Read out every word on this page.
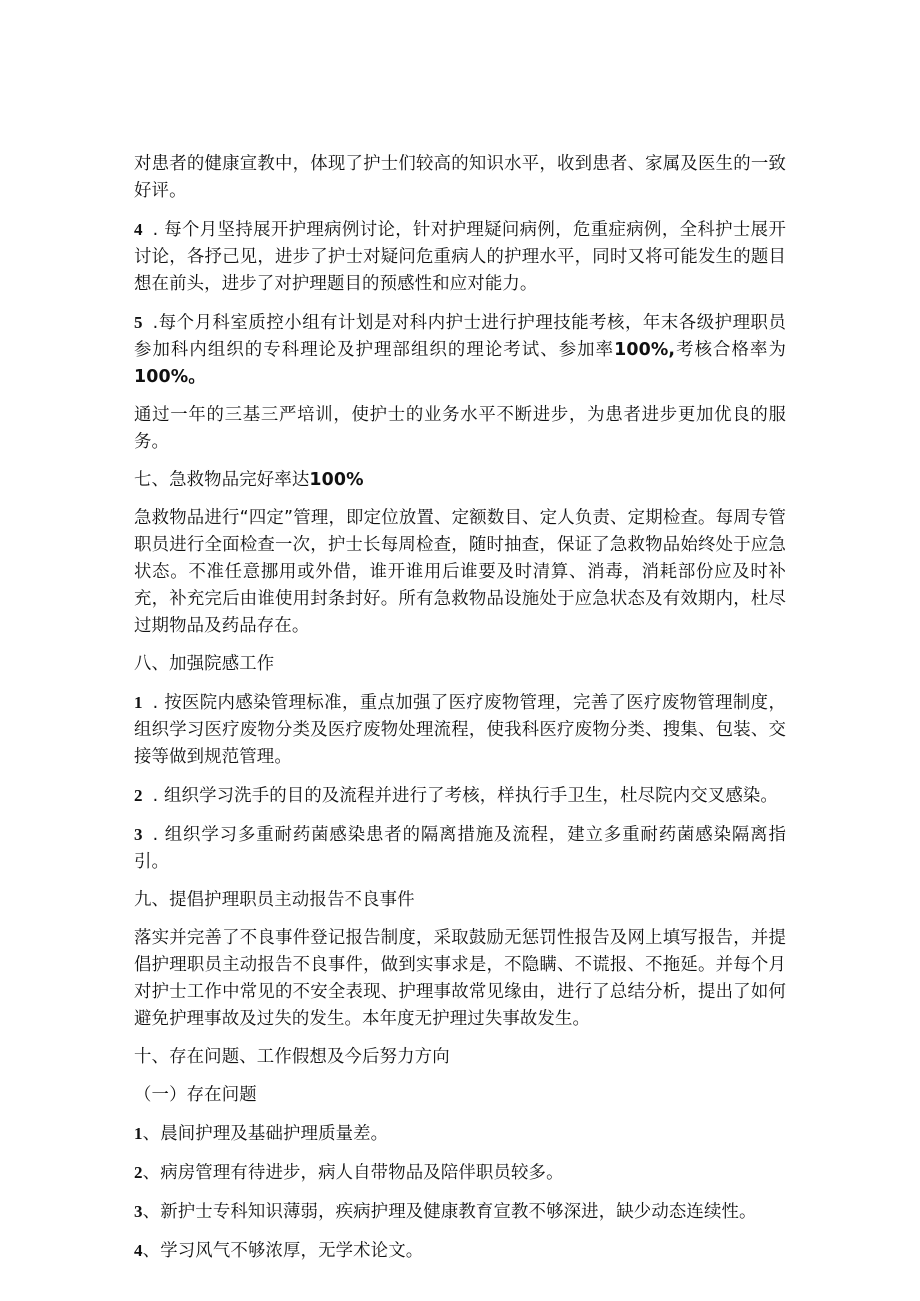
对患者的健康宣教中，体现了护士们较高的知识水平，收到患者、家属及医生的一致好评。

4 . 每个月坚持展开护理病例讨论，针对护理疑问病例，危重症病例，全科护士展开讨论，各抒己见，进步了护士对疑问危重病人的护理水平，同时又将可能发生的题目想在前头，进步了对护理题目的预感性和应对能力。

5 .每个月科室质控小组有计划是对科内护士进行护理技能考核，年末各级护理职员参加科内组织的专科理论及护理部组织的理论考试、参加率100%,考核合格率为100%。

通过一年的三基三严培训，使护士的业务水平不断进步，为患者进步更加优良的服务。

七、急救物品完好率达100%

急救物品进行“四定”管理，即定位放置、定额数目、定人负责、定期检查。每周专管职员进行全面检查一次，护士长每周检查，随时抽查，保证了急救物品始终处于应急状态。不准任意挪用或外借，谁开谁用后谁要及时清算、消毒，消耗部份应及时补充，补充完后由谁使用封条封好。所有急救物品设施处于应急状态及有效期内，杜尽过期物品及药品存在。

八、加强院感工作

1 . 按医院内感染管理标准，重点加强了医疗废物管理，完善了医疗废物管理制度，组织学习医疗废物分类及医疗废物处理流程，使我科医疗废物分类、搜集、包装、交接等做到规范管理。

2 . 组织学习洗手的目的及流程并进行了考核，样执行手卫生，杜尽院内交叉感染。

3 . 组织学习多重耐药菌感染患者的隔离措施及流程，建立多重耐药菌感染隔离指引。

九、提倡护理职员主动报告不良事件

落实并完善了不良事件登记报告制度，采取鼓励无惩罚性报告及网上填写报告，并提倡护理职员主动报告不良事件，做到实事求是，不隐瞒、不谎报、不拖延。并每个月对护士工作中常见的不安全表现、护理事故常见缘由，进行了总结分析，提出了如何避免护理事故及过失的发生。本年度无护理过失事故发生。

十、存在问题、工作假想及今后努力方向

（一）存在问题

1、晨间护理及基础护理质量差。

2、病房管理有待进步，病人自带物品及陪伴职员较多。

3、新护士专科知识薄弱，疾病护理及健康教育宣教不够深进，缺少动态连续性。

4、学习风气不够浓厚，无学术论文。
